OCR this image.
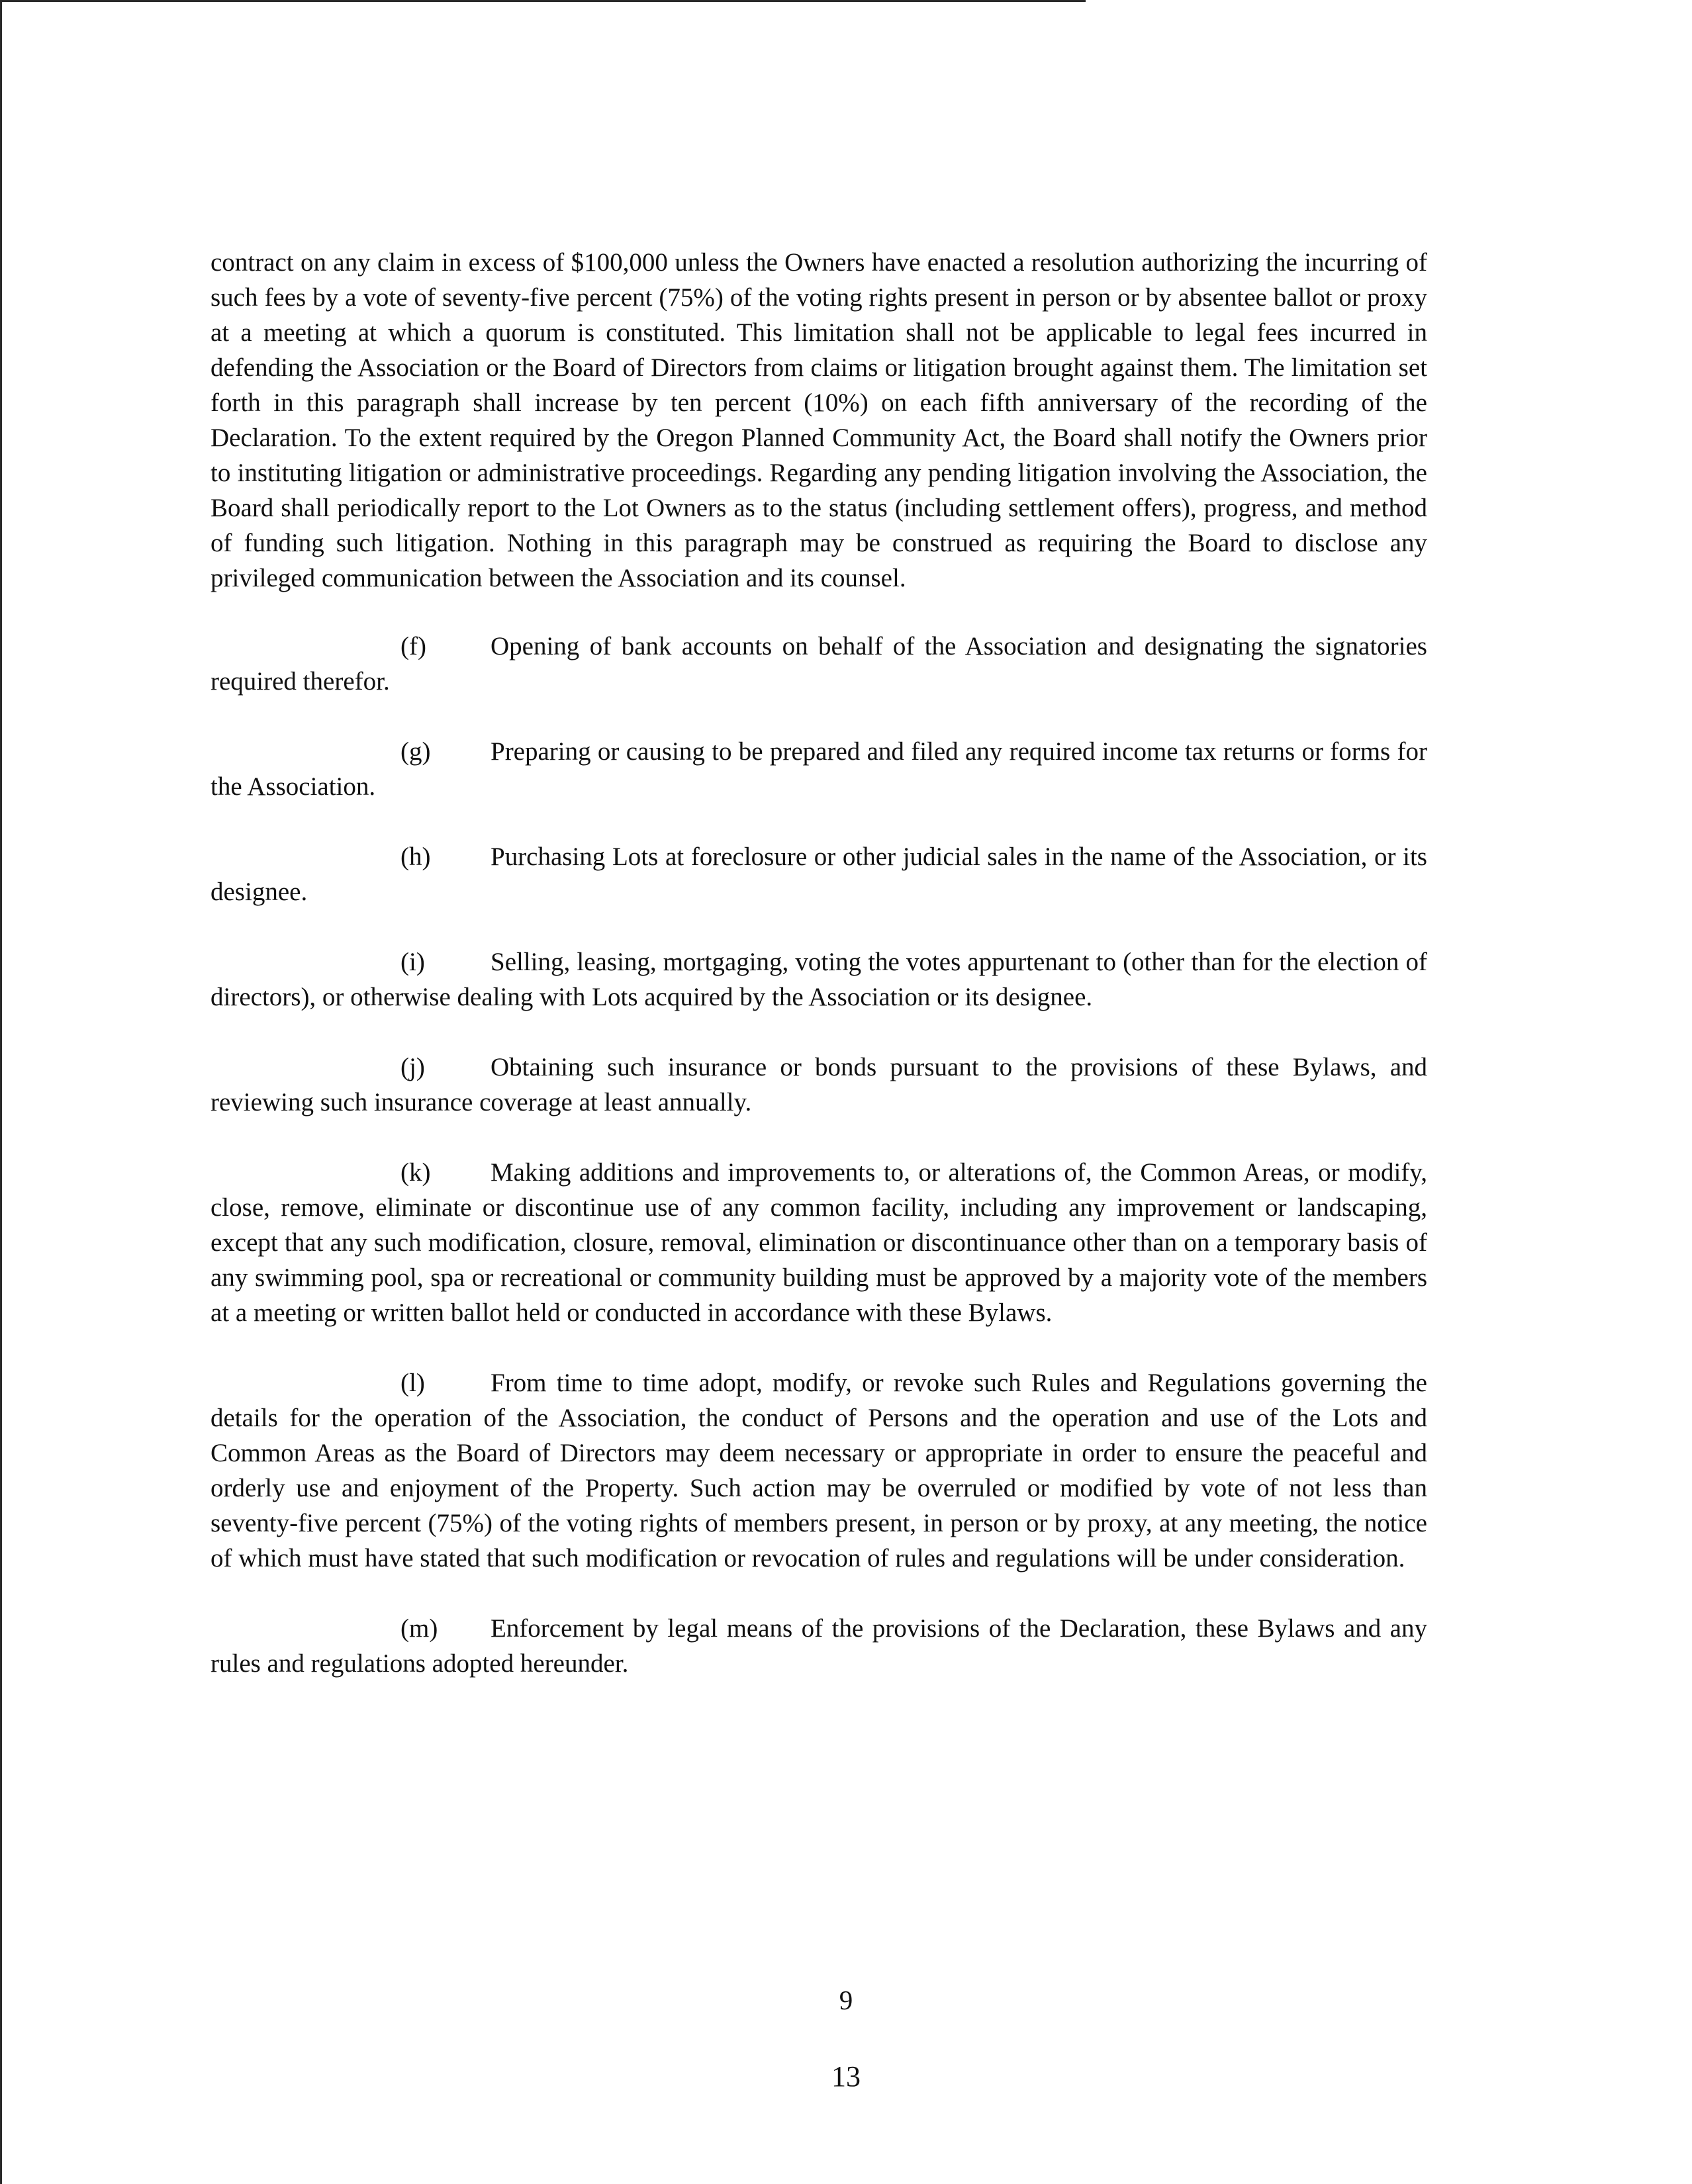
contract on any claim in excess of $100,000 unless the Owners have enacted a resolution authorizing the incurring of such fees by a vote of seventy-five percent (75%) of the voting rights present in person or by absentee ballot or proxy at a meeting at which a quorum is constituted. This limitation shall not be applicable to legal fees incurred in defending the Association or the Board of Directors from claims or litigation brought against them. The limitation set forth in this paragraph shall increase by ten percent (10%) on each fifth anniversary of the recording of the Declaration. To the extent required by the Oregon Planned Community Act, the Board shall notify the Owners prior to instituting litigation or administrative proceedings. Regarding any pending litigation involving the Association, the Board shall periodically report to the Lot Owners as to the status (including settlement offers), progress, and method of funding such litigation. Nothing in this paragraph may be construed as requiring the Board to disclose any privileged communication between the Association and its counsel.

(f) Opening of bank accounts on behalf of the Association and designating the signatories required therefor.

(g) Preparing or causing to be prepared and filed any required income tax returns or forms for the Association.

(h) Purchasing Lots at foreclosure or other judicial sales in the name of the Association, or its designee.

(i)	Selling, leasing, mortgaging, voting the votes appurtenant to (other than for the election of directors), or otherwise dealing with Lots acquired by the Association or its designee.

(j)	Obtaining such insurance or bonds pursuant to the provisions of these Bylaws, and reviewing such insurance coverage at least annually.

(k) Making additions and improvements to, or alterations of, the Common Areas, or modify, close, remove, eliminate or discontinue use of any common facility, including any improvement or landscaping, except that any such modification, closure, removal, elimination or discontinuance other than on a temporary basis of any swimming pool, spa or recreational or community building must be approved by a majority vote of the members at a meeting or written ballot held or conducted in accordance with these Bylaws.

(l)	From time to time adopt, modify, or revoke such Rules and Regulations governing the details for the operation of the Association, the conduct of Persons and the operation and use of the Lots and Common Areas as the Board of Directors may deem necessary or appropriate in order to ensure the peaceful and orderly use and enjoyment of the Property. Such action may be overruled or modified by vote of not less than seventy-five percent (75%) of the voting rights of members present, in person or by proxy, at any meeting, the notice of which must have stated that such modification or revocation of rules and regulations will be under consideration.

(m) Enforcement by legal means of the provisions of the Declaration, these Bylaws and any rules and regulations adopted hereunder.

9
13
